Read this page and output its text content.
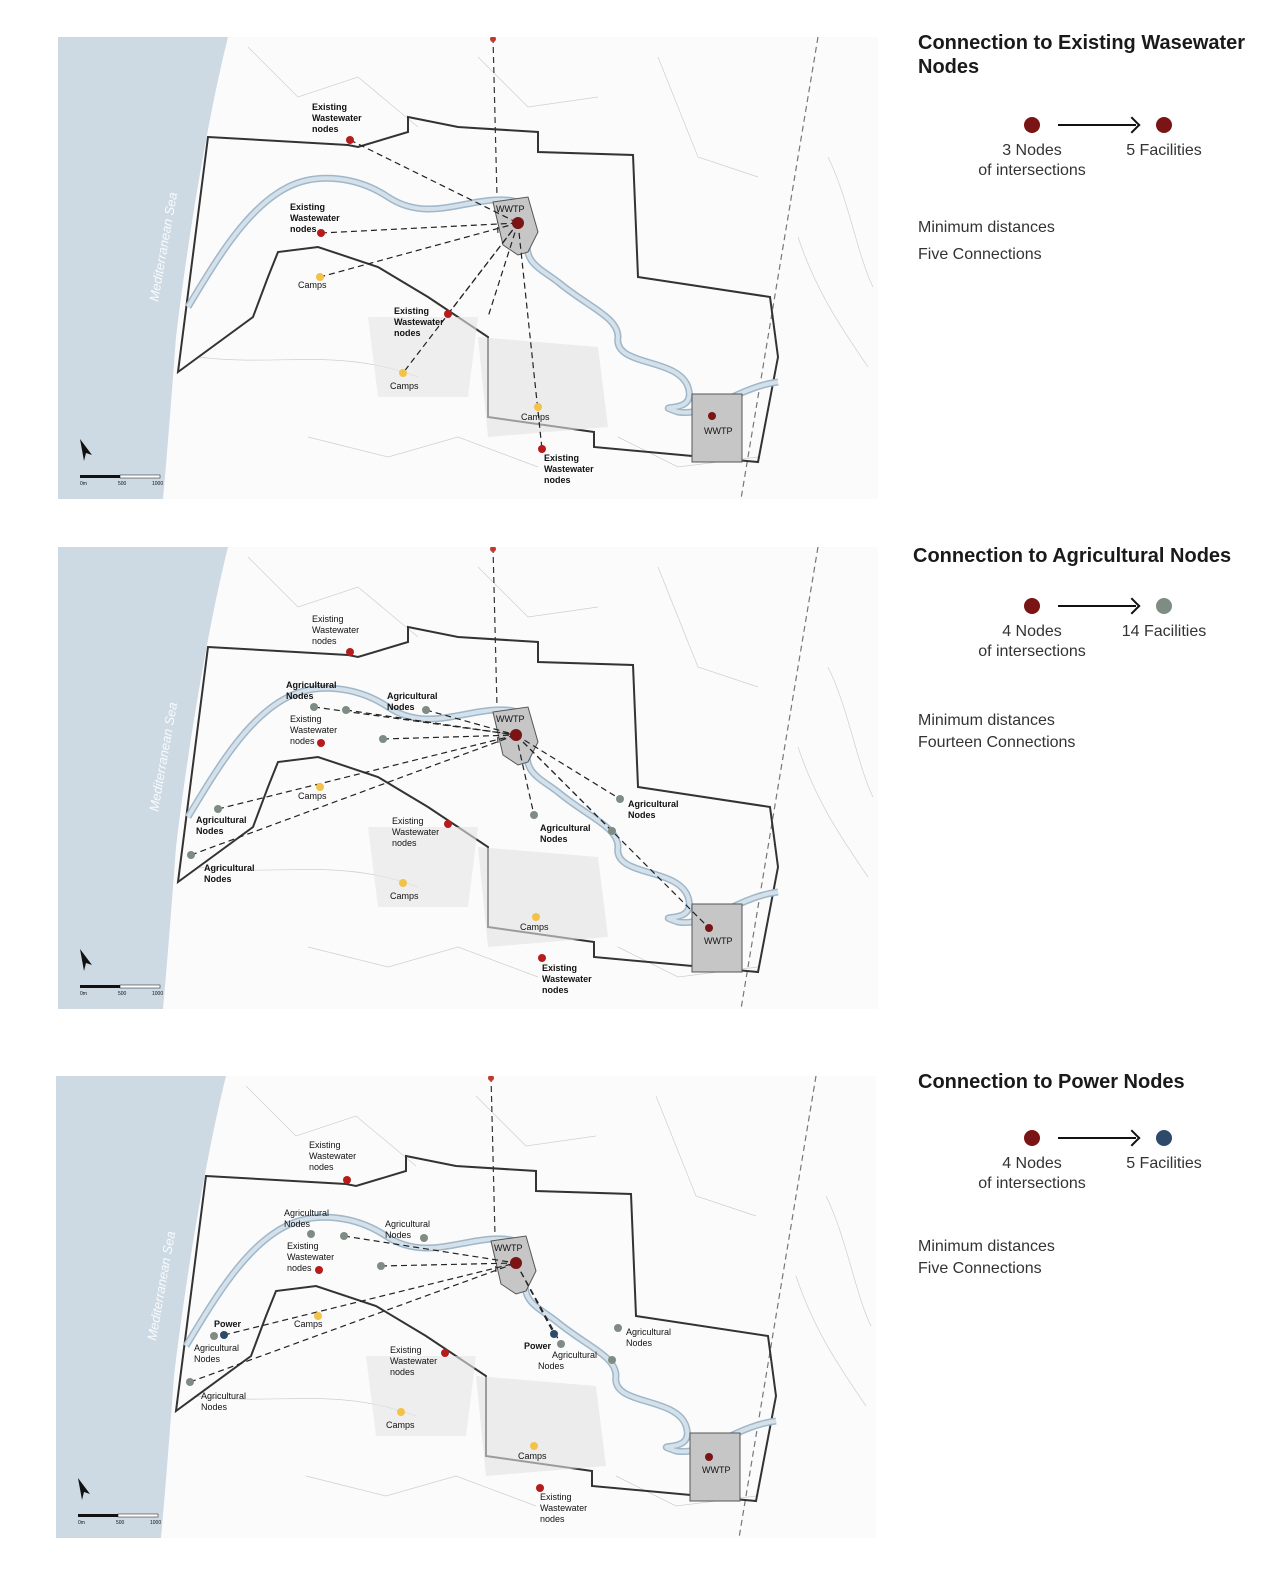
WWTP
WWTP
Existing
Wastewater
nodes
Existing
Wastewater
nodes
Existing
Wastewater
nodes
Existing
Wastewater
nodes
Camps
Camps
Camps
Mediterranean Sea
0m	500	1000
Connection to Existing Wasewater Nodes
3 Nodes
of intersections
5 Facilities
Minimum distances
Five Connections
WWTP
WWTP
Existing
Wastewater
nodes
Agricultural
Nodes	Agricultural
Nodes
Existing
Wastewater
nodes
Agricultural
Nodes
Agricultural
Nodes
Existing
Wastewater
nodes
Agricultural
Nodes
Agricultural
Nodes
Existing
Wastewater
nodes
Camps
Camps
Camps
Mediterranean Sea
0m	500	1000
Connection to Agricultural Nodes
4 Nodes
of intersections
14 Facilities
Minimum distances
Fourteen Connections
WWTP
WWTP
Existing
Wastewater
nodes
Agricultural
Nodes	Agricultural
Nodes
Existing
Wastewater
nodes
Power
Agricultural
Nodes
Agricultural
Nodes
Existing
Wastewater
nodes
Power
Agricultural
Nodes
Agricultural
Nodes
Existing
Wastewater
nodes
Camps
Camps
Camps
Mediterranean Sea
0m	500	1000
Connection to Power Nodes
4 Nodes
of intersections
5 Facilities
Minimum distances
Five Connections
